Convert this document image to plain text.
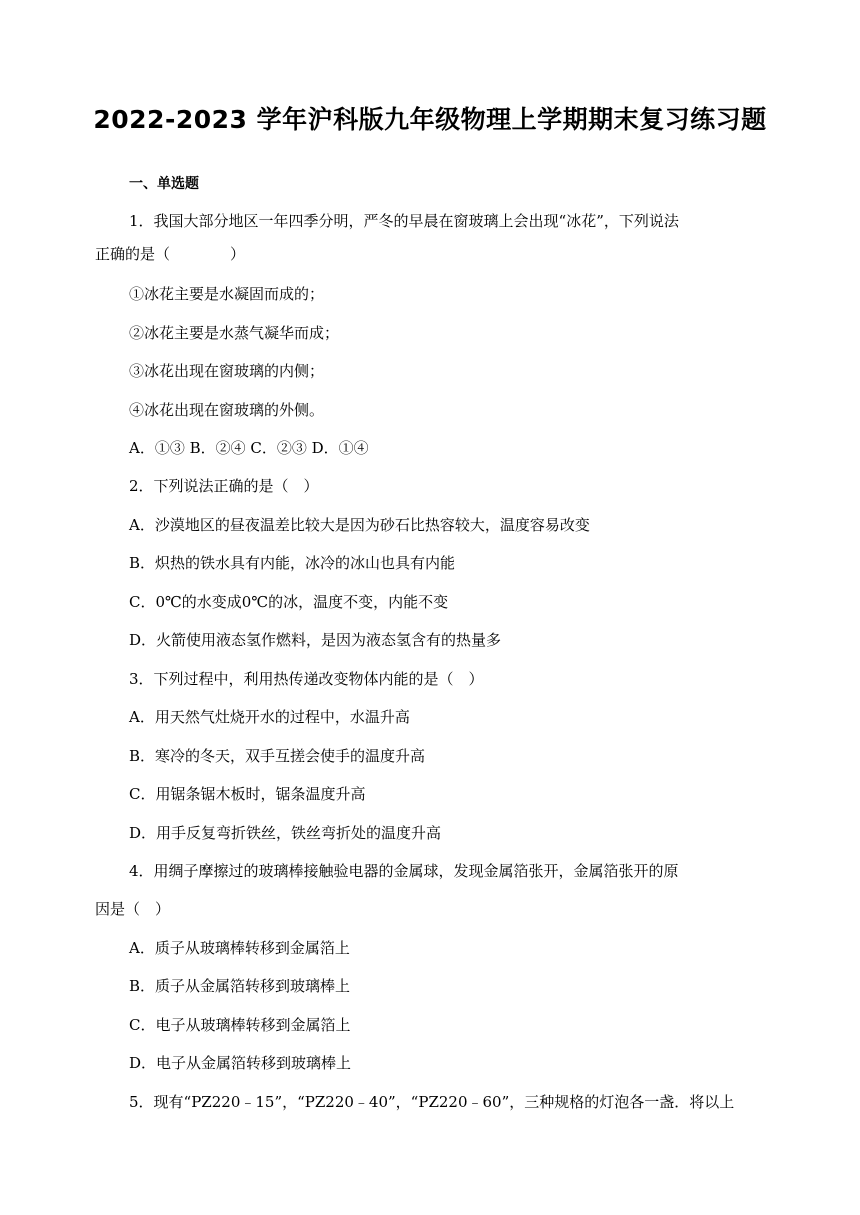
2022-2023 学年沪科版九年级物理上学期期末复习练习题
一、单选题
1．我国大部分地区一年四季分明，严冬的早晨在窗玻璃上会出现“冰花”，下列说法
正确的是（　　　　）
①冰花主要是水凝固而成的；
②冰花主要是水蒸气凝华而成；
③冰花出现在窗玻璃的内侧；
④冰花出现在窗玻璃的外侧。
A．①③ B．②④ C．②③ D．①④
2．下列说法正确的是（　）
A．沙漠地区的昼夜温差比较大是因为砂石比热容较大，温度容易改变
B．炽热的铁水具有内能，冰冷的冰山也具有内能
C．0℃的水变成0℃的冰，温度不变，内能不变
D．火箭使用液态氢作燃料，是因为液态氢含有的热量多
3．下列过程中，利用热传递改变物体内能的是（　）
A．用天然气灶烧开水的过程中，水温升高
B．寒冷的冬天，双手互搓会使手的温度升高
C．用锯条锯木板时，锯条温度升高
D．用手反复弯折铁丝，铁丝弯折处的温度升高
4．用绸子摩擦过的玻璃棒接触验电器的金属球，发现金属箔张开，金属箔张开的原
因是（　）
A．质子从玻璃棒转移到金属箔上
B．质子从金属箔转移到玻璃棒上
C．电子从玻璃棒转移到金属箔上
D．电子从金属箔转移到玻璃棒上
5．现有“PZ220﹣15”，“PZ220﹣40”，“PZ220﹣60”，三种规格的灯泡各一盏．将以上
